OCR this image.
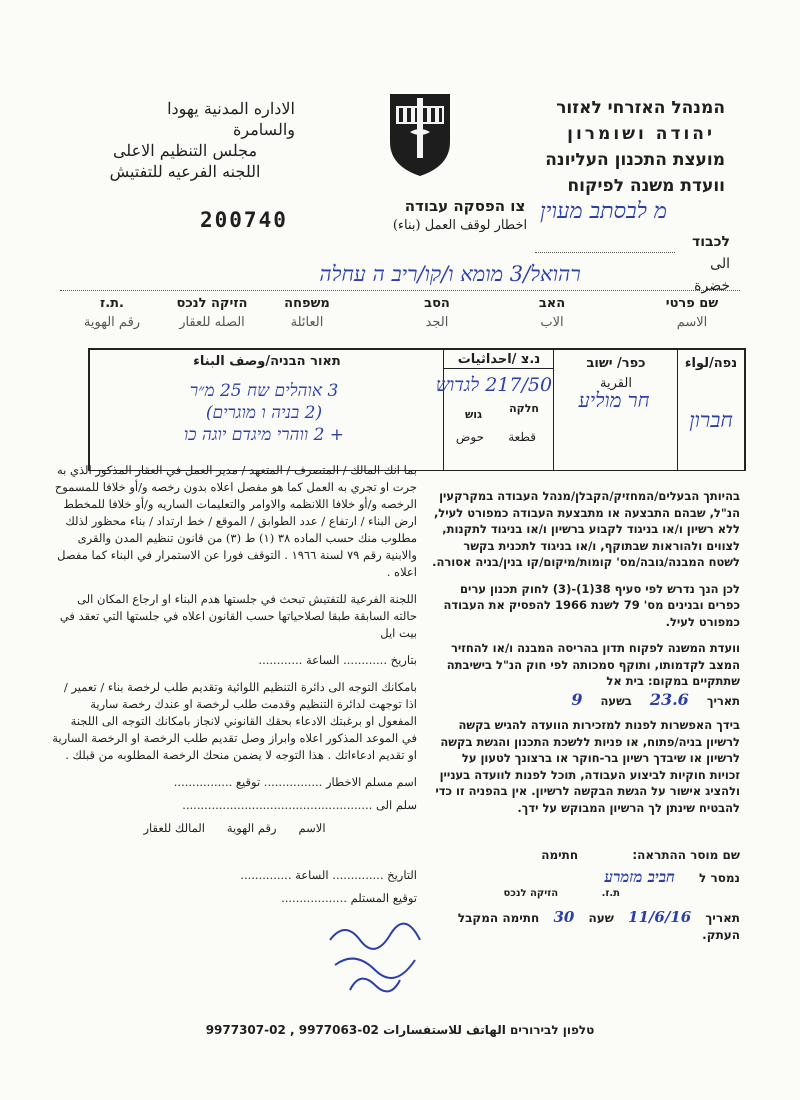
המנהל האזרחי לאזור
יהודה ושומרון
מועצת התכנון העליונה
וועדת משנה לפיקוח
الاداره المدنية يهودا
والسامرة
مجلس التنظيم الاعلى
اللجنه الفرعيه للتفتيش
200740
צו הפסקה עבודה
اخطار لوقف العمل (بناء)
לכבוד
الى خضرة
מ לבסתב מעוין
רהואל/3 מומא ו/קו/ריב ה עחלה
שם פרטי
الاسم
האב
الاب
הסב
الجد
משפחה
العائلة
הזיקה לנכס
الصله للعقار
ת.ז.
رقم الهوية
נפה/لواء
כפר/ ישוב
القرية
נ.צ /احداثيات
גוש חלקה
حوض قطعة
תאור הבניה/وصف البناء
חברון
חר מוליע
217/50 לגדוש
3 אוהלים שח 25 מ״ר
(2 בניה ו מוגרים)
+ 2 ווהרי מיגדם יוגה כו

בהיותך הבעלים/המחזיק/הקבלן/מנהל העבודה במקרקעין הנ"ל, שבהם התבצעה או מתבצעת העבודה כמפורט לעיל, ללא רשיון ו/או בניגוד לקבוע ברשיון ו/או בניגוד לתקנות, לצווים ולהוראות שבתוקף, ו/או בניגוד לתכנית בקשר לשטח המבנה/גובה/מס' קומות/מיקום/קו בנין/בניה אסורה.

לכן הנך נדרש לפי סעיף 38(1)-(3) לחוק תכנון ערים כפרים ובנינים מס' 79 לשנת 1966 להפסיק את העבודה כמפורט לעיל.

וועדת המשנה לפקוח תדון בהריסה המבנה ו/או להחזיר המצב לקדמותו, ותוקף סמכותה לפי חוק הנ"ל בישיבתה שתתקיים במקום: בית אל

תאריך 23.6 בשעה 9

בידך האפשרות לפנות למזכירות הוועדה להגיש בקשה לרשיון בניה/פתוח, או פניות ללשכת התכנון והגשת בקשה לרשיון או שיבדך רשיון בר-חוקר או ברצונך לטעון על זכויות חוקיות לביצוע העבודה, תוכל לפנות לוועדה בעניין ולהציג אישור על הגשת הבקשה לרשיון. אין בהפניה זו כדי להבטיח שינתן לך הרשיון המבוקש על ידך.

بما انك المالك / المتصرف / المتعهد / مدير العمل في العقار المذكور الذي به جرت او تجري به العمل كما هو مفصل اعلاه بدون رخصه و/أو خلافا للمسموح الرخصه و/أو خلافا اللانظمه والاوامر والتعليمات الساريه و/أو خلافا للمخطط ارض البناء / ارتفاع / عدد الطوابق / الموقع / خط ارتداد / بناء محظور لذلك مطلوب منك حسب الماده ٣٨ (١) ط (٣) من قانون تنظيم المدن والقرى والابنية رقم ٧٩ لسنة ١٩٦٦ . التوقف فورا عن الاستمرار في البناء كما مفصل اعلاه .

اللجنة الفرعية للتفتيش تبحث في جلستها هدم البناء او ارجاع المكان الى حالته السابقة طبقا لصلاحياتها حسب القانون اعلاه في جلستها التي تعقد في بيت ايل

بتاريخ ............ الساعة ............

بامكانك التوجه الى دائرة التنظيم اللوائية وتقديم طلب لرخصة بناء / تعمير / اذا توجهت لدائرة التنظيم وقدمت طلب لرخصة او عندك رخصة سارية المفعول او برغبتك الادعاء بحقك القانوني لانجاز بامكانك التوجه الى اللجنة في الموعد المذكور اعلاه وابراز وصل تقديم طلب الرخصة او الرخصة السارية او تقديم ادعاءاتك . هذا التوجه لا يضمن منحك الرخصة المطلوبه من قبلك .

اسم مسلم الاخطار ................ توقيع ................
سلم الى ....................................................
الاسم      رقم الهوية      المالك للعقار
التاريخ .............. الساعة ..............
توقيع المستلم ..................
שם מוסר ההתראה: חתימה
נמסר ל חביב מזמרע
ת.ז. הזיקה לנכס
תאריך 11/6/16 שעה 30 חתימה המקבל
העתק.
טלפון לבירורים الهاتف للاستفسارات 02-9977063 , 02-9977307
